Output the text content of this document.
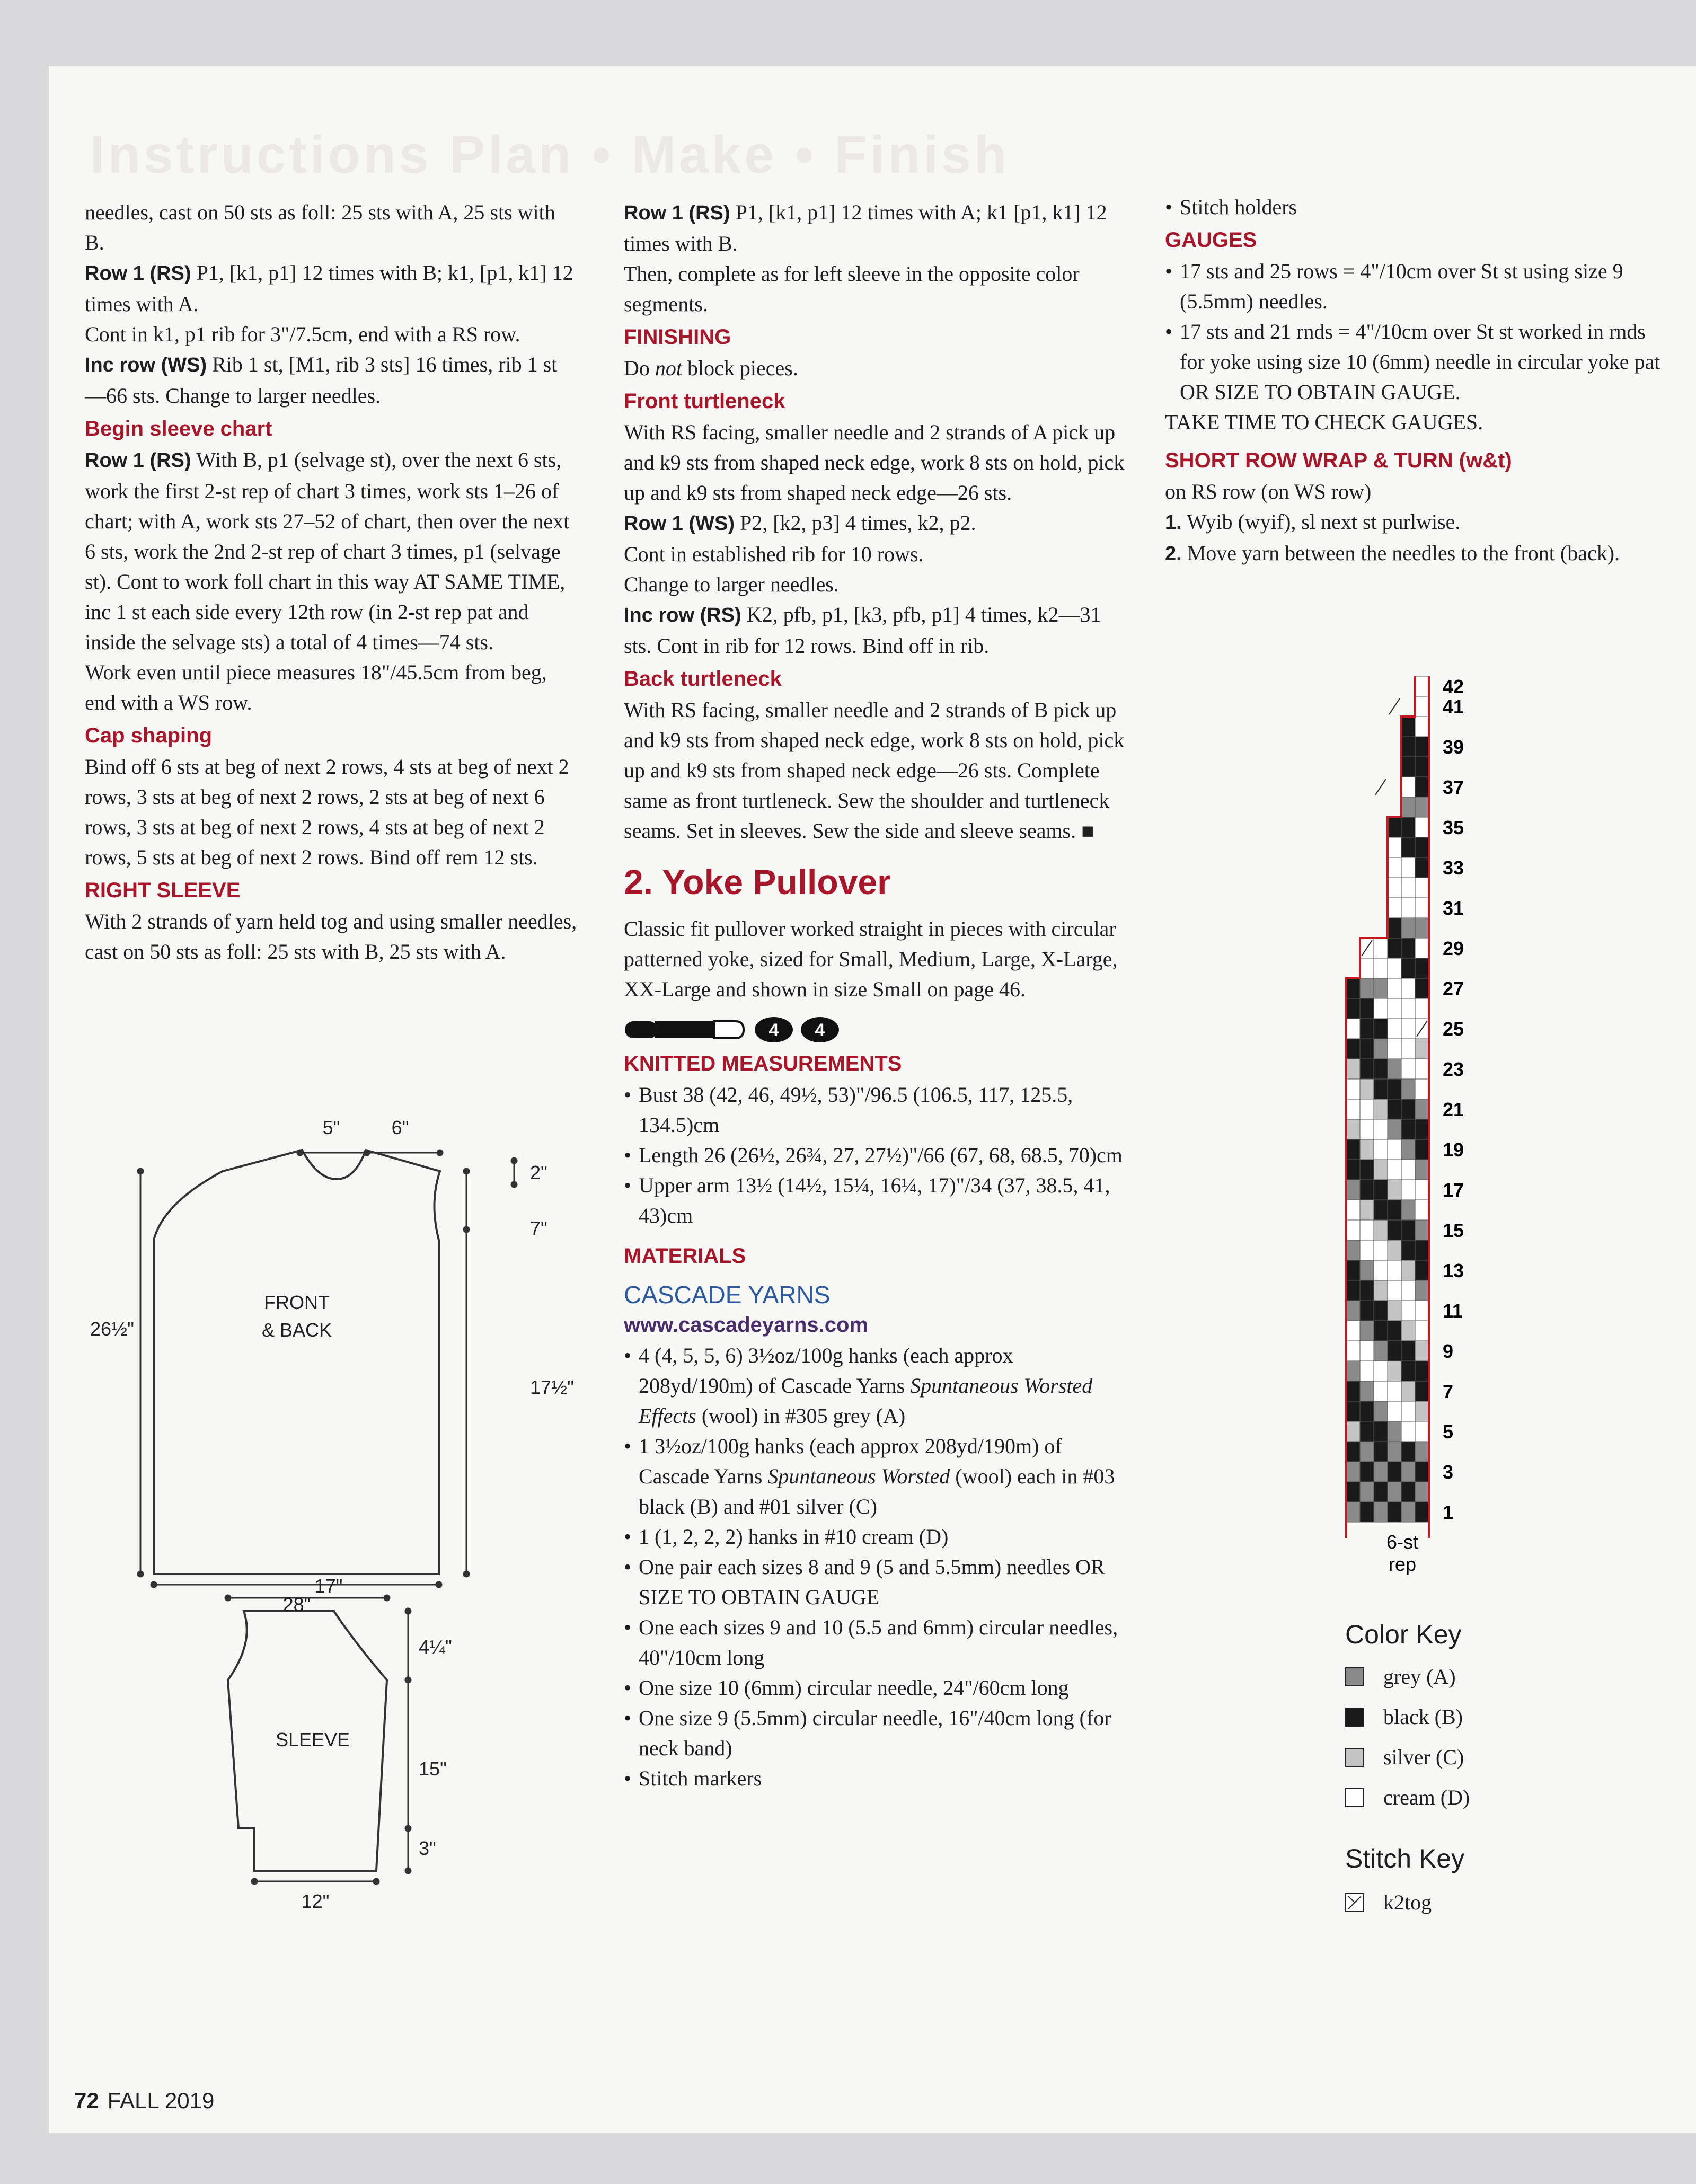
Instructions Plan • Make • Finish

needles, cast on 50 sts as foll: 25 sts with A, 25 sts with B.

Row 1 (RS) P1, [k1, p1] 12 times with B; k1, [p1, k1] 12 times with A.

Cont in k1, p1 rib for 3"/7.5cm, end with a RS row.

Inc row (WS) Rib 1 st, [M1, rib 3 sts] 16 times, rib 1 st—66 sts. Change to larger needles.

Begin sleeve chart

Row 1 (RS) With B, p1 (selvage st), over the next 6 sts, work the first 2-st rep of chart 3 times, work sts 1–26 of chart; with A, work sts 27–52 of chart, then over the next 6 sts, work the 2nd 2-st rep of chart 3 times, p1 (selvage st). Cont to work foll chart in this way AT SAME TIME, inc 1 st each side every 12th row (in 2-st rep pat and inside the selvage sts) a total of 4 times—74 sts.

Work even until piece measures 18"/45.5cm from beg, end with a WS row.

Cap shaping

Bind off 6 sts at beg of next 2 rows, 4 sts at beg of next 2 rows, 3 sts at beg of next 2 rows, 2 sts at beg of next 6 rows, 3 sts at beg of next 2 rows, 4 sts at beg of next 2 rows, 5 sts at beg of next 2 rows. Bind off rem 12 sts.

RIGHT SLEEVE

With 2 strands of yarn held tog and using smaller needles, cast on 50 sts as foll: 25 sts with B, 25 sts with A.

FRONT
& BACK
5"	6"
2"
7"
26½"
17½"
28"
SLEEVE
17"
4¼"
15"
3"
12"

Row 1 (RS) P1, [k1, p1] 12 times with A; k1 [p1, k1] 12 times with B.

Then, complete as for left sleeve in the opposite color segments.

FINISHING

Do not block pieces.

Front turtleneck

With RS facing, smaller needle and 2 strands of A pick up and k9 sts from shaped neck edge, work 8 sts on hold, pick up and k9 sts from shaped neck edge—26 sts.

Row 1 (WS) P2, [k2, p3] 4 times, k2, p2.

Cont in established rib for 10 rows.

Change to larger needles.

Inc row (RS) K2, pfb, p1, [k3, pfb, p1] 4 times, k2—31 sts. Cont in rib for 12 rows. Bind off in rib.

Back turtleneck

With RS facing, smaller needle and 2 strands of B pick up and k9 sts from shaped neck edge, work 8 sts on hold, pick up and k9 sts from shaped neck edge—26 sts. Complete same as front turtleneck. Sew the shoulder and turtleneck seams. Set in sleeves. Sew the side and sleeve seams. ■

2. Yoke Pullover

Classic fit pullover worked straight in pieces with circular patterned yoke, sized for Small, Medium, Large, X-Large, XX-Large and shown in size Small on page 46.

4 4
KNITTED MEASUREMENTS
• Bust 38 (42, 46, 49½, 53)"/96.5 (106.5, 117, 125.5, 134.5)cm
• Length 26 (26½, 26¾, 27, 27½)"/66 (67, 68, 68.5, 70)cm
• Upper arm 13½ (14½, 15¼, 16¼, 17)"/34 (37, 38.5, 41, 43)cm
MATERIALS
CASCADE YARNS
www.cascadeyarns.com
• 4 (4, 5, 5, 6) 3½oz/100g hanks (each approx 208yd/190m) of Cascade Yarns Spuntaneous Worsted Effects (wool) in #305 grey (A)
• 1 3½oz/100g hanks (each approx 208yd/190m) of Cascade Yarns Spuntaneous Worsted (wool) each in #03 black (B) and #01 silver (C)
• 1 (1, 2, 2, 2) hanks in #10 cream (D)
• One pair each sizes 8 and 9 (5 and 5.5mm) needles OR SIZE TO OBTAIN GAUGE
• One each sizes 9 and 10 (5.5 and 6mm) circular needles, 40"/10cm long
• One size 10 (6mm) circular needle, 24"/60cm long
• One size 9 (5.5mm) circular needle, 16"/40cm long (for neck band)
• Stitch markers
• Stitch holders
GAUGES
• 17 sts and 25 rows = 4"/10cm over St st using size 9 (5.5mm) needles.
• 17 sts and 21 rnds = 4"/10cm over St st worked in rnds for yoke using size 10 (6mm) needle in circular yoke pat OR SIZE TO OBTAIN GAUGE.

TAKE TIME TO CHECK GAUGES.

SHORT ROW WRAP & TURN (w&t)

on RS row (on WS row)

1. Wyib (wyif), sl next st purlwise.

2. Move yarn between the needles to the front (back).

1
3
5
7
9
11
13
15
17
19
21
23
25
27
29
31
33
35
37
39
41
42
6-st
rep
Color Key
grey (A)
black (B)
silver (C)
cream (D)
Stitch Key
k2tog
72 FALL 2019
